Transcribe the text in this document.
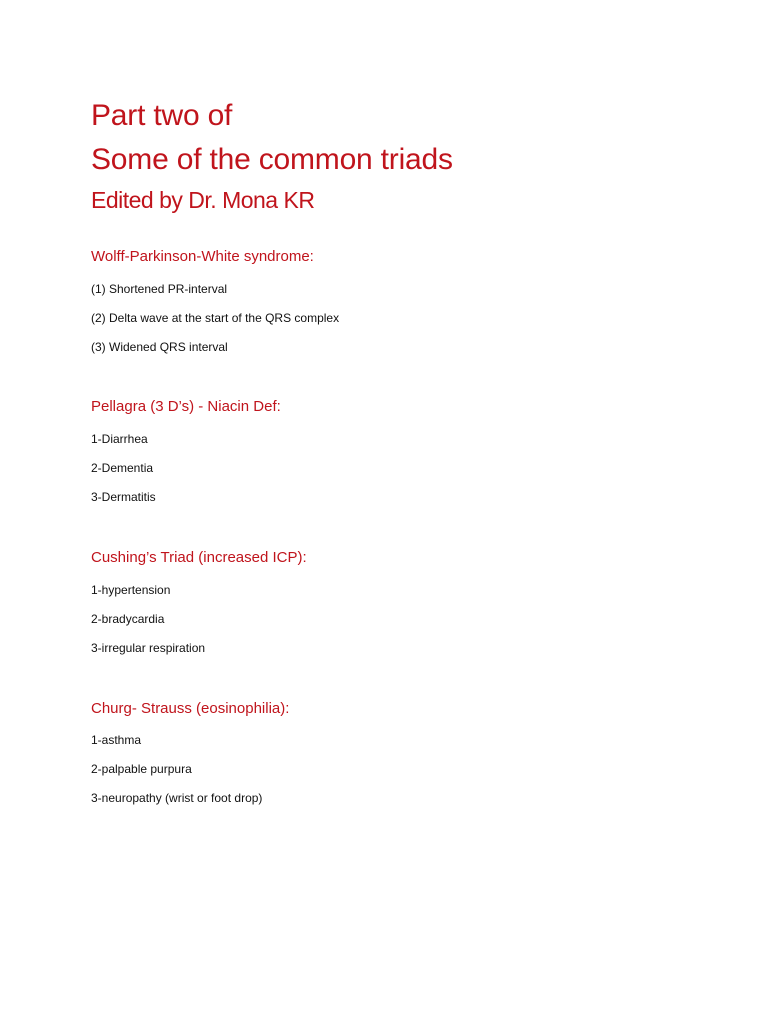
Part two of
Some of the common triads
Edited by Dr. Mona KR
Wolff-Parkinson-White syndrome:
(1) Shortened PR-interval
(2) Delta wave at the start of the QRS complex
(3) Widened QRS interval
Pellagra (3 D’s) - Niacin Def:
1-Diarrhea
2-Dementia
3-Dermatitis
Cushing’s Triad (increased ICP):
1-hypertension
2-bradycardia
3-irregular respiration
Churg- Strauss (eosinophilia):
1-asthma
2-palpable purpura
3-neuropathy (wrist or foot drop)
